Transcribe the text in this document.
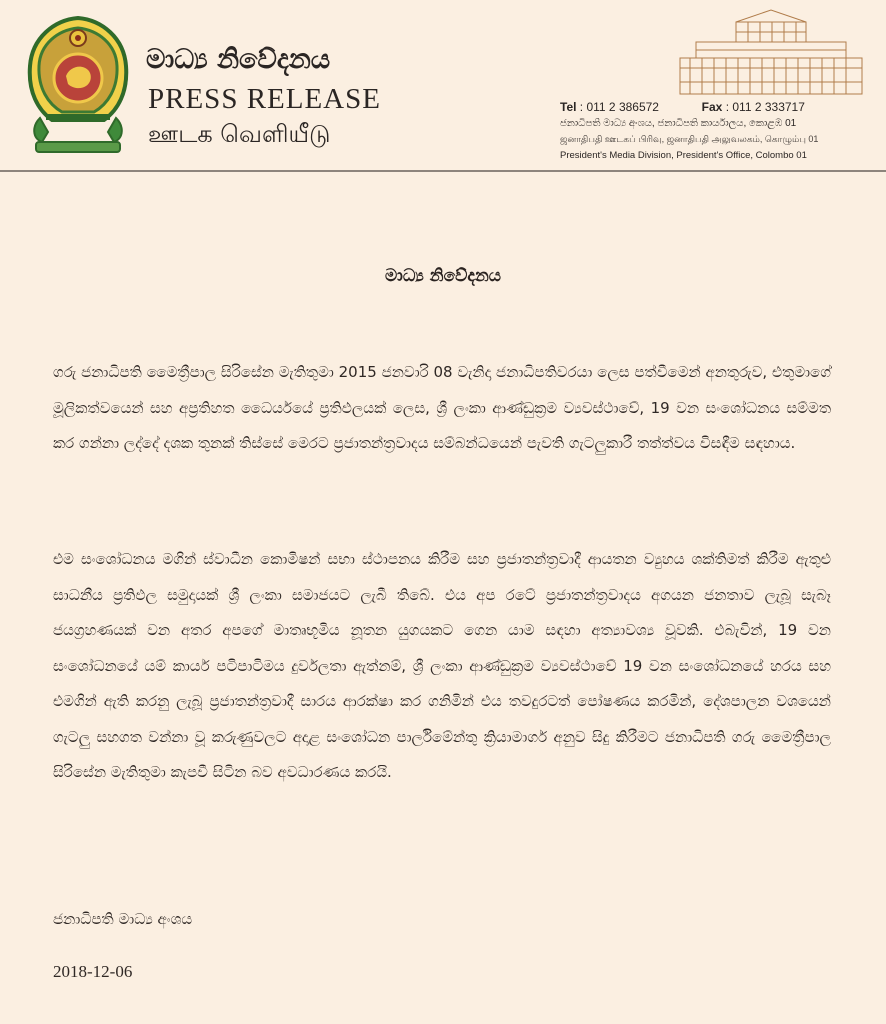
මාධ්‍ය නිවේදනය
PRESS RELEASE
ஊடக வெளியீடு
Tel : 011 2 386572	Fax : 011 2 333717
ජනාධිපති මාධ්‍ය අංශය, ජනාධිපති කාර්යාලය, කොළඹ 01
ஜனாதிபதி ஊடகப் பிரிவு, ஜனாதிபதி அலுவலகம், கொழும்பு 01
President's Media Division, President's Office, Colombo 01
මාධ්‍ය නිවේදනය
ගරු ජනාධිපති මෛත්‍රීපාල සිරිසේන මැතිතුමා 2015 ජනවාරි 08 වැනිදා ජනාධිපතිවරයා ලෙස පත්වීමෙන් අනතුරුව, එතුමාගේ මූලිකත්වයෙන් සහ අප්‍රතිහත ධෛර්යයේ ප්‍රතිඵලයක් ලෙස, ශ්‍රී ලංකා ආණ්ඩුක්‍රම ව්‍යවස්ථාවේ, 19 වන සංශෝධනය සම්මත කර ගන්නා ලද්දේ දශක තුනක් තිස්සේ මෙරට ප්‍රජාතන්ත්‍රවාදය සම්බන්ධයෙන් පැවති ගැටලුකාරී තත්ත්වය විසඳීම සඳහාය.
එම සංශෝධනය මගින් ස්වාධීන කොමිෂන් සභා ස්ථාපනය කිරීම සහ ප්‍රජාතන්ත්‍රවාදී ආයතන ව්‍යුහය ශක්තිමත් කිරීම ඇතුළු සාධනීය ප්‍රතිඵල සමුදායක් ශ්‍රී ලංකා සමාජයට ලැබී තිබේ. එය අප රටේ ප්‍රජාතන්ත්‍රවාදය අගයන ජනතාව ලැබූ සැබෑ ජයග්‍රහණයක් වන අතර අපගේ මාතෘභූමිය නූතන යුගයකට ගෙන යාම සඳහා අත්‍යාවශ්‍ය වූවකි. එබැවින්, 19 වන සංශෝධනයේ යම් කාර්ය පටිපාටිමය දුර්වලතා ඇත්නම්, ශ්‍රී ලංකා ආණ්ඩුක්‍රම ව්‍යවස්ථාවේ 19 වන සංශෝධනයේ හරය සහ එමගින් ඇති කරනු ලැබූ ප්‍රජාතන්ත්‍රවාදී සාරය ආරක්ෂා කර ගනිමින් එය තවදුරටත් පෝෂණය කරමින්, දේශපාලන වශයෙන් ගැටලු සහගත වන්නා වූ කරුණුවලට අදාළ සංශෝධන පාර්ලිමේන්තු ක්‍රියාමාර්ග අනුව සිදු කිරීමට ජනාධිපති ගරු මෛත්‍රීපාල සිරිසේන මැතිතුමා කැපවී සිටින බව අවධාරණය කරයි.
ජනාධිපති මාධ්‍ය අංශය
2018-12-06
